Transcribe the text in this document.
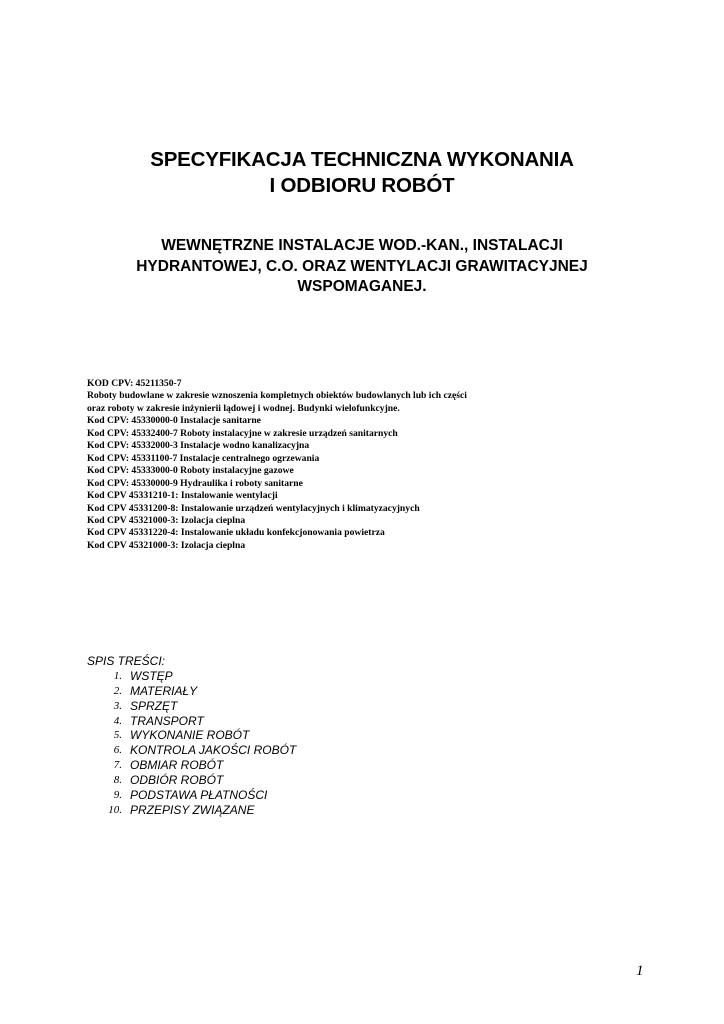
SPECYFIKACJA TECHNICZNA WYKONANIA
I ODBIORU ROBÓT
WEWNĘTRZNE INSTALACJE WOD.-KAN., INSTALACJI
HYDRANTOWEJ, C.O. ORAZ WENTYLACJI GRAWITACYJNEJ
WSPOMAGANEJ.
KOD CPV: 45211350-7
Roboty budowlane w zakresie wznoszenia kompletnych obiektów budowlanych lub ich części
oraz roboty w zakresie inżynierii lądowej i wodnej. Budynki wielofunkcyjne.
Kod CPV: 45330000-0 Instalacje sanitarne
Kod CPV: 45332400-7 Roboty instalacyjne w zakresie urządzeń sanitarnych
Kod CPV: 45332000-3 Instalacje wodno kanalizacyjna
Kod CPV: 45331100-7 Instalacje centralnego ogrzewania
Kod CPV: 45333000-0 Roboty instalacyjne gazowe
Kod CPV: 45330000-9 Hydraulika i roboty sanitarne
Kod CPV 45331210-1: Instalowanie wentylacji
Kod CPV 45331200-8: Instalowanie urządzeń wentylacyjnych i klimatyzacyjnych
Kod CPV 45321000-3: Izolacja cieplna
Kod CPV 45331220-4: Instalowanie układu konfekcjonowania powietrza
Kod CPV 45321000-3: Izolacja cieplna
SPIS TREŚCI:
1. WSTĘP
2. MATERIAŁY
3. SPRZĘT
4. TRANSPORT
5. WYKONANIE ROBÓT
6. KONTROLA JAKOŚCI ROBÓT
7. OBMIAR ROBÓT
8. ODBIÓR ROBÓT
9. PODSTAWA PŁATNOŚCI
10. PRZEPISY ZWIĄZANE
1
